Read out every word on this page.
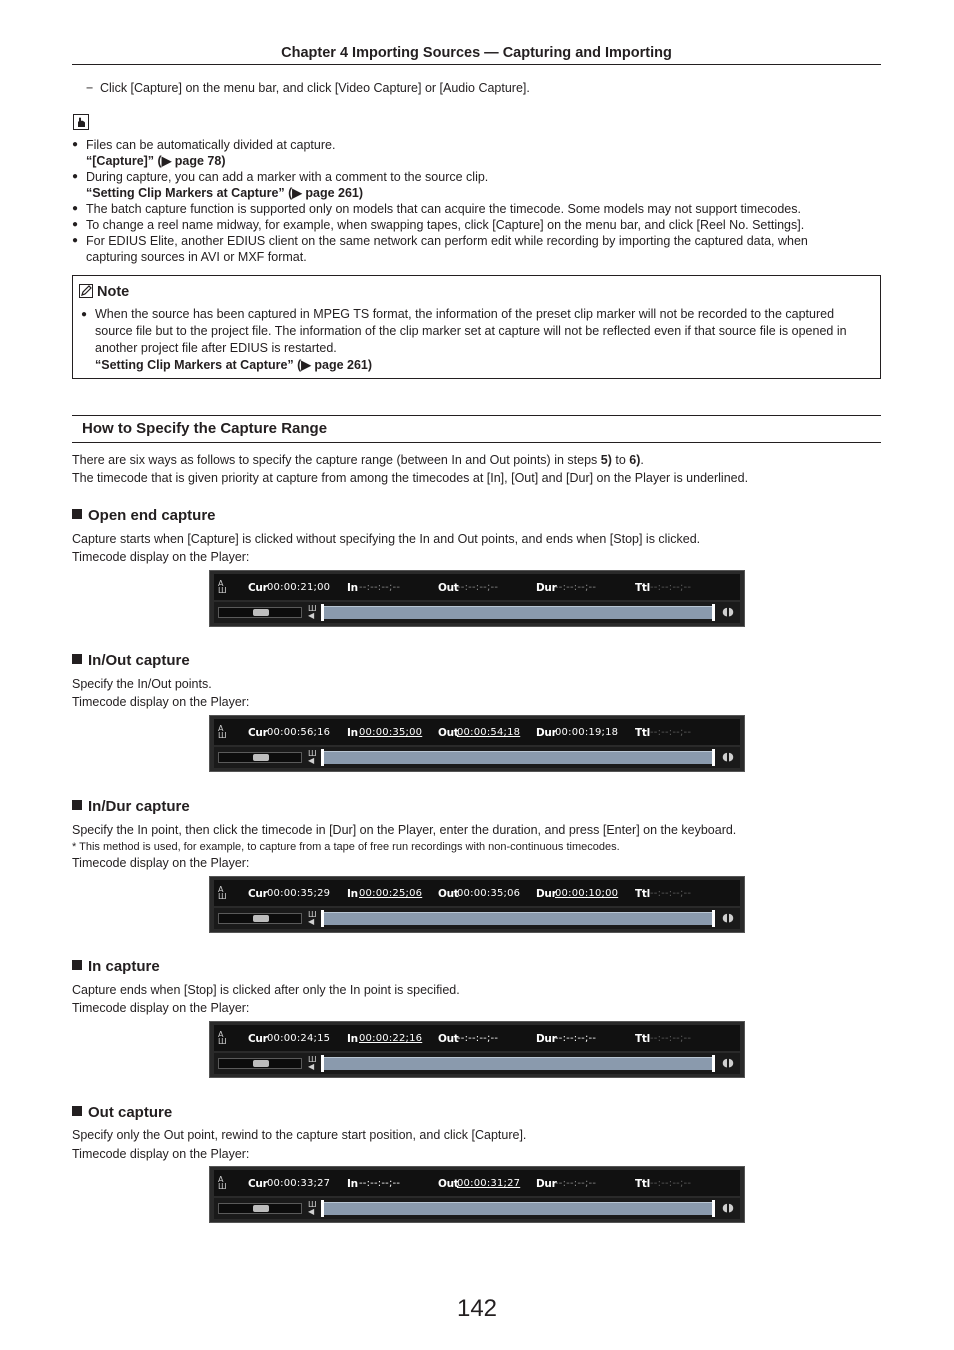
Chapter 4 Importing Sources — Capturing and Importing
− Click [Capture] on the menu bar, and click [Video Capture] or [Audio Capture].
● Files can be automatically divided at capture.
“[Capture]” (▶ page 78)
● During capture, you can add a marker with a comment to the source clip.
“Setting Clip Markers at Capture” (▶ page 261)
● The batch capture function is supported only on models that can acquire the timecode. Some models may not support timecodes.
● To change a reel name midway, for example, when swapping tapes, click [Capture] on the menu bar, and click [Reel No. Settings].
● For EDIUS Elite, another EDIUS client on the same network can perform edit while recording by importing the captured data, when capturing sources in AVI or MXF format.
Note
● When the source has been captured in MPEG TS format, the information of the preset clip marker will not be recorded to the captured source file but to the project file. The information of the clip marker set at capture will not be reflected even if that source file is opened in another project file after EDIUS is restarted.
“Setting Clip Markers at Capture” (▶ page 261)
How to Specify the Capture Range
There are six ways as follows to specify the capture range (between In and Out points) in steps 5) to 6).
The timecode that is given priority at capture from among the timecodes at [In], [Out] and [Dur] on the Player is underlined.
Open end capture
Capture starts when [Capture] is clicked without specifying the In and Out points, and ends when [Stop] is clicked.
Timecode display on the Player:
A
Ш Cur 00:00:21;00 In --:--:--;--	Out
--:--:--;--	Dur
--:--:--;--	Ttl --:--:--;--
Ш
◀	◖◗
In/Out capture
Specify the In/Out points.
Timecode display on the Player:
A
Ш Cur 00:00:56;16 In 00:00:35;00 Out
00:00:54;18 Dur
00:00:19;18 Ttl --:--:--;--
Ш
◀	◖◗
In/Dur capture
Specify the In point, then click the timecode in [Dur] on the Player, enter the duration, and press [Enter] on the keyboard.
* This method is used, for example, to capture from a tape of free run recordings with non-continuous timecodes.
Timecode display on the Player:
A
Ш Cur 00:00:35;29 In 00:00:25;06 Out
00:00:35;06 Dur
00:00:10;00 Ttl --:--:--;--
Ш
◀	◖◗
In capture
Capture ends when [Stop] is clicked after only the In point is specified.
Timecode display on the Player:
A
Ш Cur 00:00:24;15 In 00:00:22;16 Out
--:--:--;--	Dur
--:--:--;--	Ttl --:--:--;--
Ш
◀	◖◗
Out capture
Specify only the Out point, rewind to the capture start position, and click [Capture].
Timecode display on the Player:
A
Ш Cur 00:00:33;27 In --:--:--;--	Out
00:00:31;27 Dur
--:--:--;--	Ttl --:--:--;--
Ш
◀	◖◗
142
